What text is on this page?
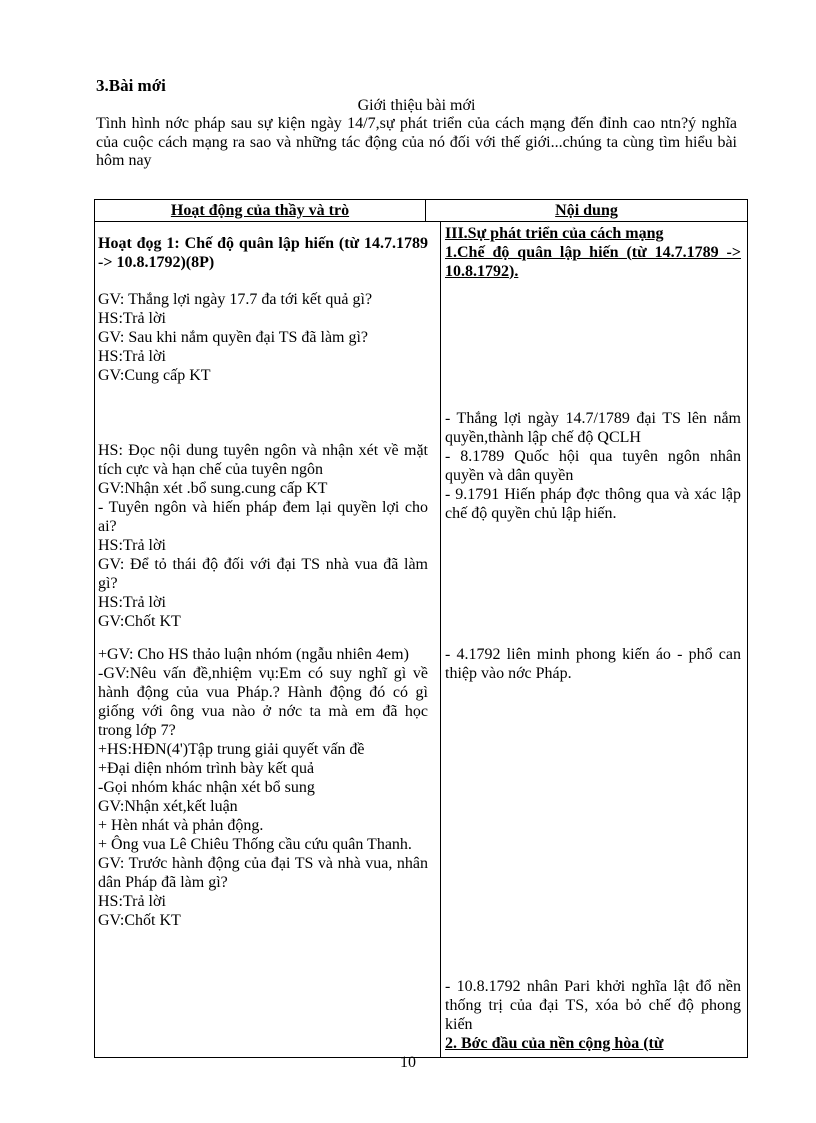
3.Bài mới
Giới thiệu bài mới

Tình hình nớc pháp sau sự kiện ngày 14/7,sự phát triển của cách mạng đến đỉnh cao ntn?ý nghĩa của cuộc cách mạng ra sao và những tác động của nó đối với thế giới...chúng ta cùng tìm hiểu bài hôm nay

Hoạt động của thầy và trò	Nội dung

Hoạt đọg 1: Chế độ quân lập hiến (từ 14.7.1789 -> 10.8.1792)(8P)

GV: Thắng lợi ngày 17.7 đa tới kết quả gì?

HS:Trả lời

GV: Sau khi nắm quyền đại TS đã làm gì?

HS:Trả lời

GV:Cung cấp KT

HS: Đọc nội dung tuyên ngôn và nhận xét về mặt tích cực và hạn chế của tuyên ngôn

GV:Nhận xét .bổ sung.cung cấp KT

- Tuyên ngôn và hiến pháp đem lại quyền lợi cho ai?

HS:Trả lời

GV: Để tỏ thái độ đối với đại TS nhà vua đã làm gì?

HS:Trả lời

GV:Chốt KT

+GV: Cho HS thảo luận nhóm (ngẫu nhiên 4em)

-GV:Nêu vấn đề,nhiệm vụ:Em có suy nghĩ gì về hành động của vua Pháp.? Hành động đó có gì giống với ông vua nào ở nớc ta mà em đã học trong lớp 7?

+HS:HĐN(4')Tập trung giải quyết vấn đề

+Đại diện nhóm trình bày kết quả

-Gọi nhóm khác nhận xét bổ sung

GV:Nhận xét,kết luận

+ Hèn nhát và phản động.

+ Ông vua Lê Chiêu Thống cầu cứu quân Thanh.

GV: Trước hành động của đại TS và nhà vua, nhân dân Pháp đã làm gì?

HS:Trả lời

GV:Chốt KT

III.Sự phát triển của cách mạng

1.Chế độ quân lập hiến (từ 14.7.1789 -> 10.8.1792).

- Thắng lợi ngày 14.7/1789 đại TS lên nắm quyền,thành lập chế độ QCLH

- 8.1789 Quốc hội qua tuyên ngôn nhân quyền và dân quyền

- 9.1791 Hiến pháp đợc thông qua và xác lập chế độ quyền chủ lập hiến.

- 4.1792 liên minh phong kiến áo - phổ can thiệp vào nớc Pháp.

- 10.8.1792 nhân Pari khởi nghĩa lật đổ nền thống trị của đại TS, xóa bỏ chế độ phong kiến

2. Bớc đầu của nền cộng hòa (từ

10
